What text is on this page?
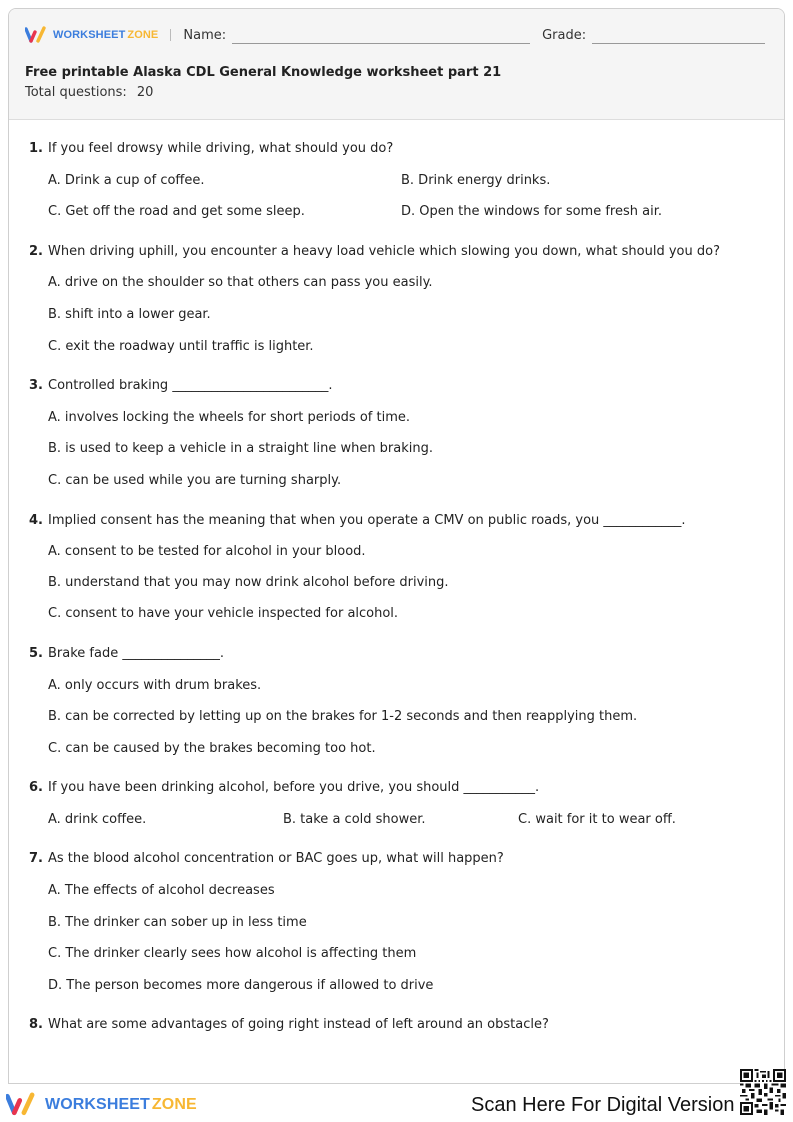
WORKSHEET ZONE Name:	Grade:
Free printable Alaska CDL General Knowledge worksheet part 21
Total questions: 20
1. If you feel drowsy while driving, what should you do?
A. Drink a cup of coffee.	B. Drink energy drinks.
C. Get off the road and get some sleep.	D. Open the windows for some fresh air.
2. When driving uphill, you encounter a heavy load vehicle which slowing you down, what should you do?
A. drive on the shoulder so that others can pass you easily.
B. shift into a lower gear.
C. exit the roadway until traffic is lighter.
3. Controlled braking ________________________.
A. involves locking the wheels for short periods of time.
B. is used to keep a vehicle in a straight line when braking.
C. can be used while you are turning sharply.
4. Implied consent has the meaning that when you operate a CMV on public roads, you ____________.
A. consent to be tested for alcohol in your blood.
B. understand that you may now drink alcohol before driving.
C. consent to have your vehicle inspected for alcohol.
5. Brake fade _______________.
A. only occurs with drum brakes.
B. can be corrected by letting up on the brakes for 1-2 seconds and then reapplying them.
C. can be caused by the brakes becoming too hot.
6. If you have been drinking alcohol, before you drive, you should ___________.
A. drink coffee.	B. take a cold shower.	C. wait for it to wear off.
7. As the blood alcohol concentration or BAC goes up, what will happen?
A. The effects of alcohol decreases
B. The drinker can sober up in less time
C. The drinker clearly sees how alcohol is affecting them
D. The person becomes more dangerous if allowed to drive
8. What are some advantages of going right instead of left around an obstacle?
WORKSHEET ZONE	Scan Here For Digital Version
